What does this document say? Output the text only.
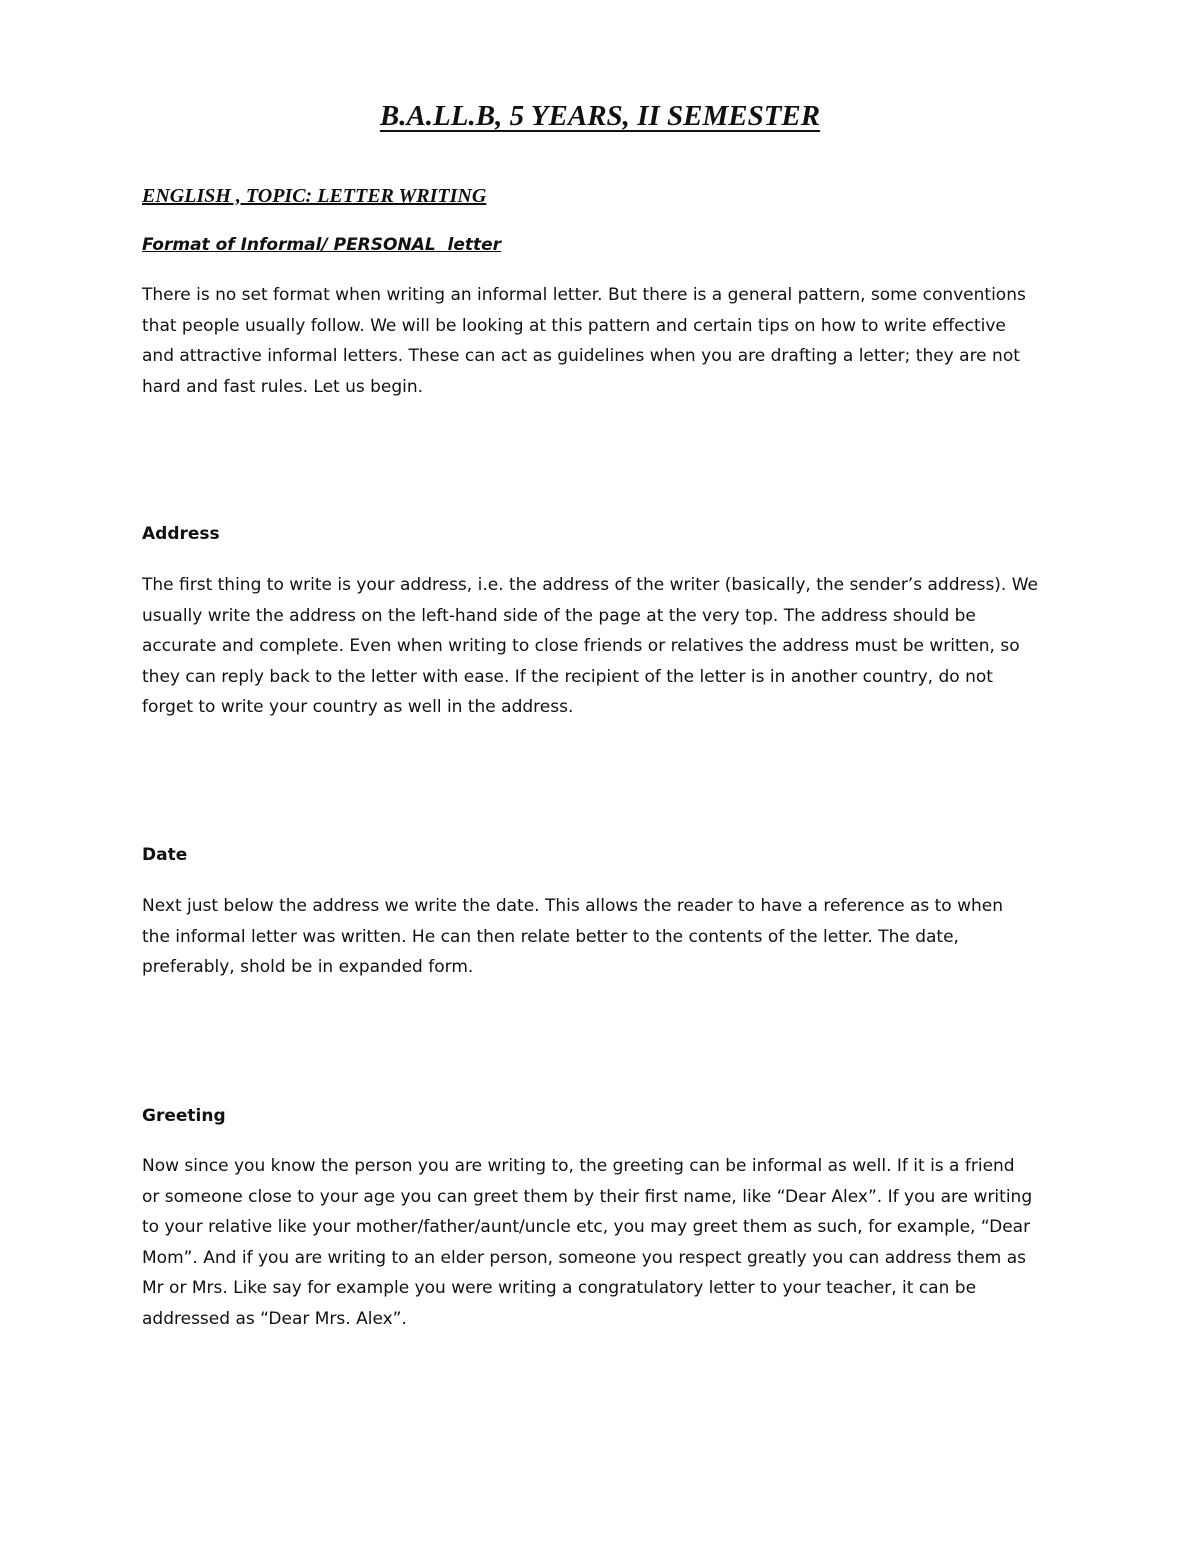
B.A.LL.B, 5 YEARS, II SEMESTER
ENGLISH , TOPIC: LETTER WRITING
Format of Informal/ PERSONAL  letter

There is no set format when writing an informal letter. But there is a general pattern, some conventions
that people usually follow. We will be looking at this pattern and certain tips on how to write effective
and attractive informal letters. These can act as guidelines when you are drafting a letter; they are not
hard and fast rules. Let us begin.

Address

The first thing to write is your address, i.e. the address of the writer (basically, the sender’s address). We
usually write the address on the left-hand side of the page at the very top. The address should be
accurate and complete. Even when writing to close friends or relatives the address must be written, so
they can reply back to the letter with ease. If the recipient of the letter is in another country, do not
forget to write your country as well in the address.

Date

Next just below the address we write the date. This allows the reader to have a reference as to when
the informal letter was written. He can then relate better to the contents of the letter. The date,
preferably, shold be in expanded form.

Greeting

Now since you know the person you are writing to, the greeting can be informal as well. If it is a friend
or someone close to your age you can greet them by their first name, like “Dear Alex”. If you are writing
to your relative like your mother/father/aunt/uncle etc, you may greet them as such, for example, “Dear
Mom”. And if you are writing to an elder person, someone you respect greatly you can address them as
Mr or Mrs. Like say for example you were writing a congratulatory letter to your teacher, it can be
addressed as “Dear Mrs. Alex”.
